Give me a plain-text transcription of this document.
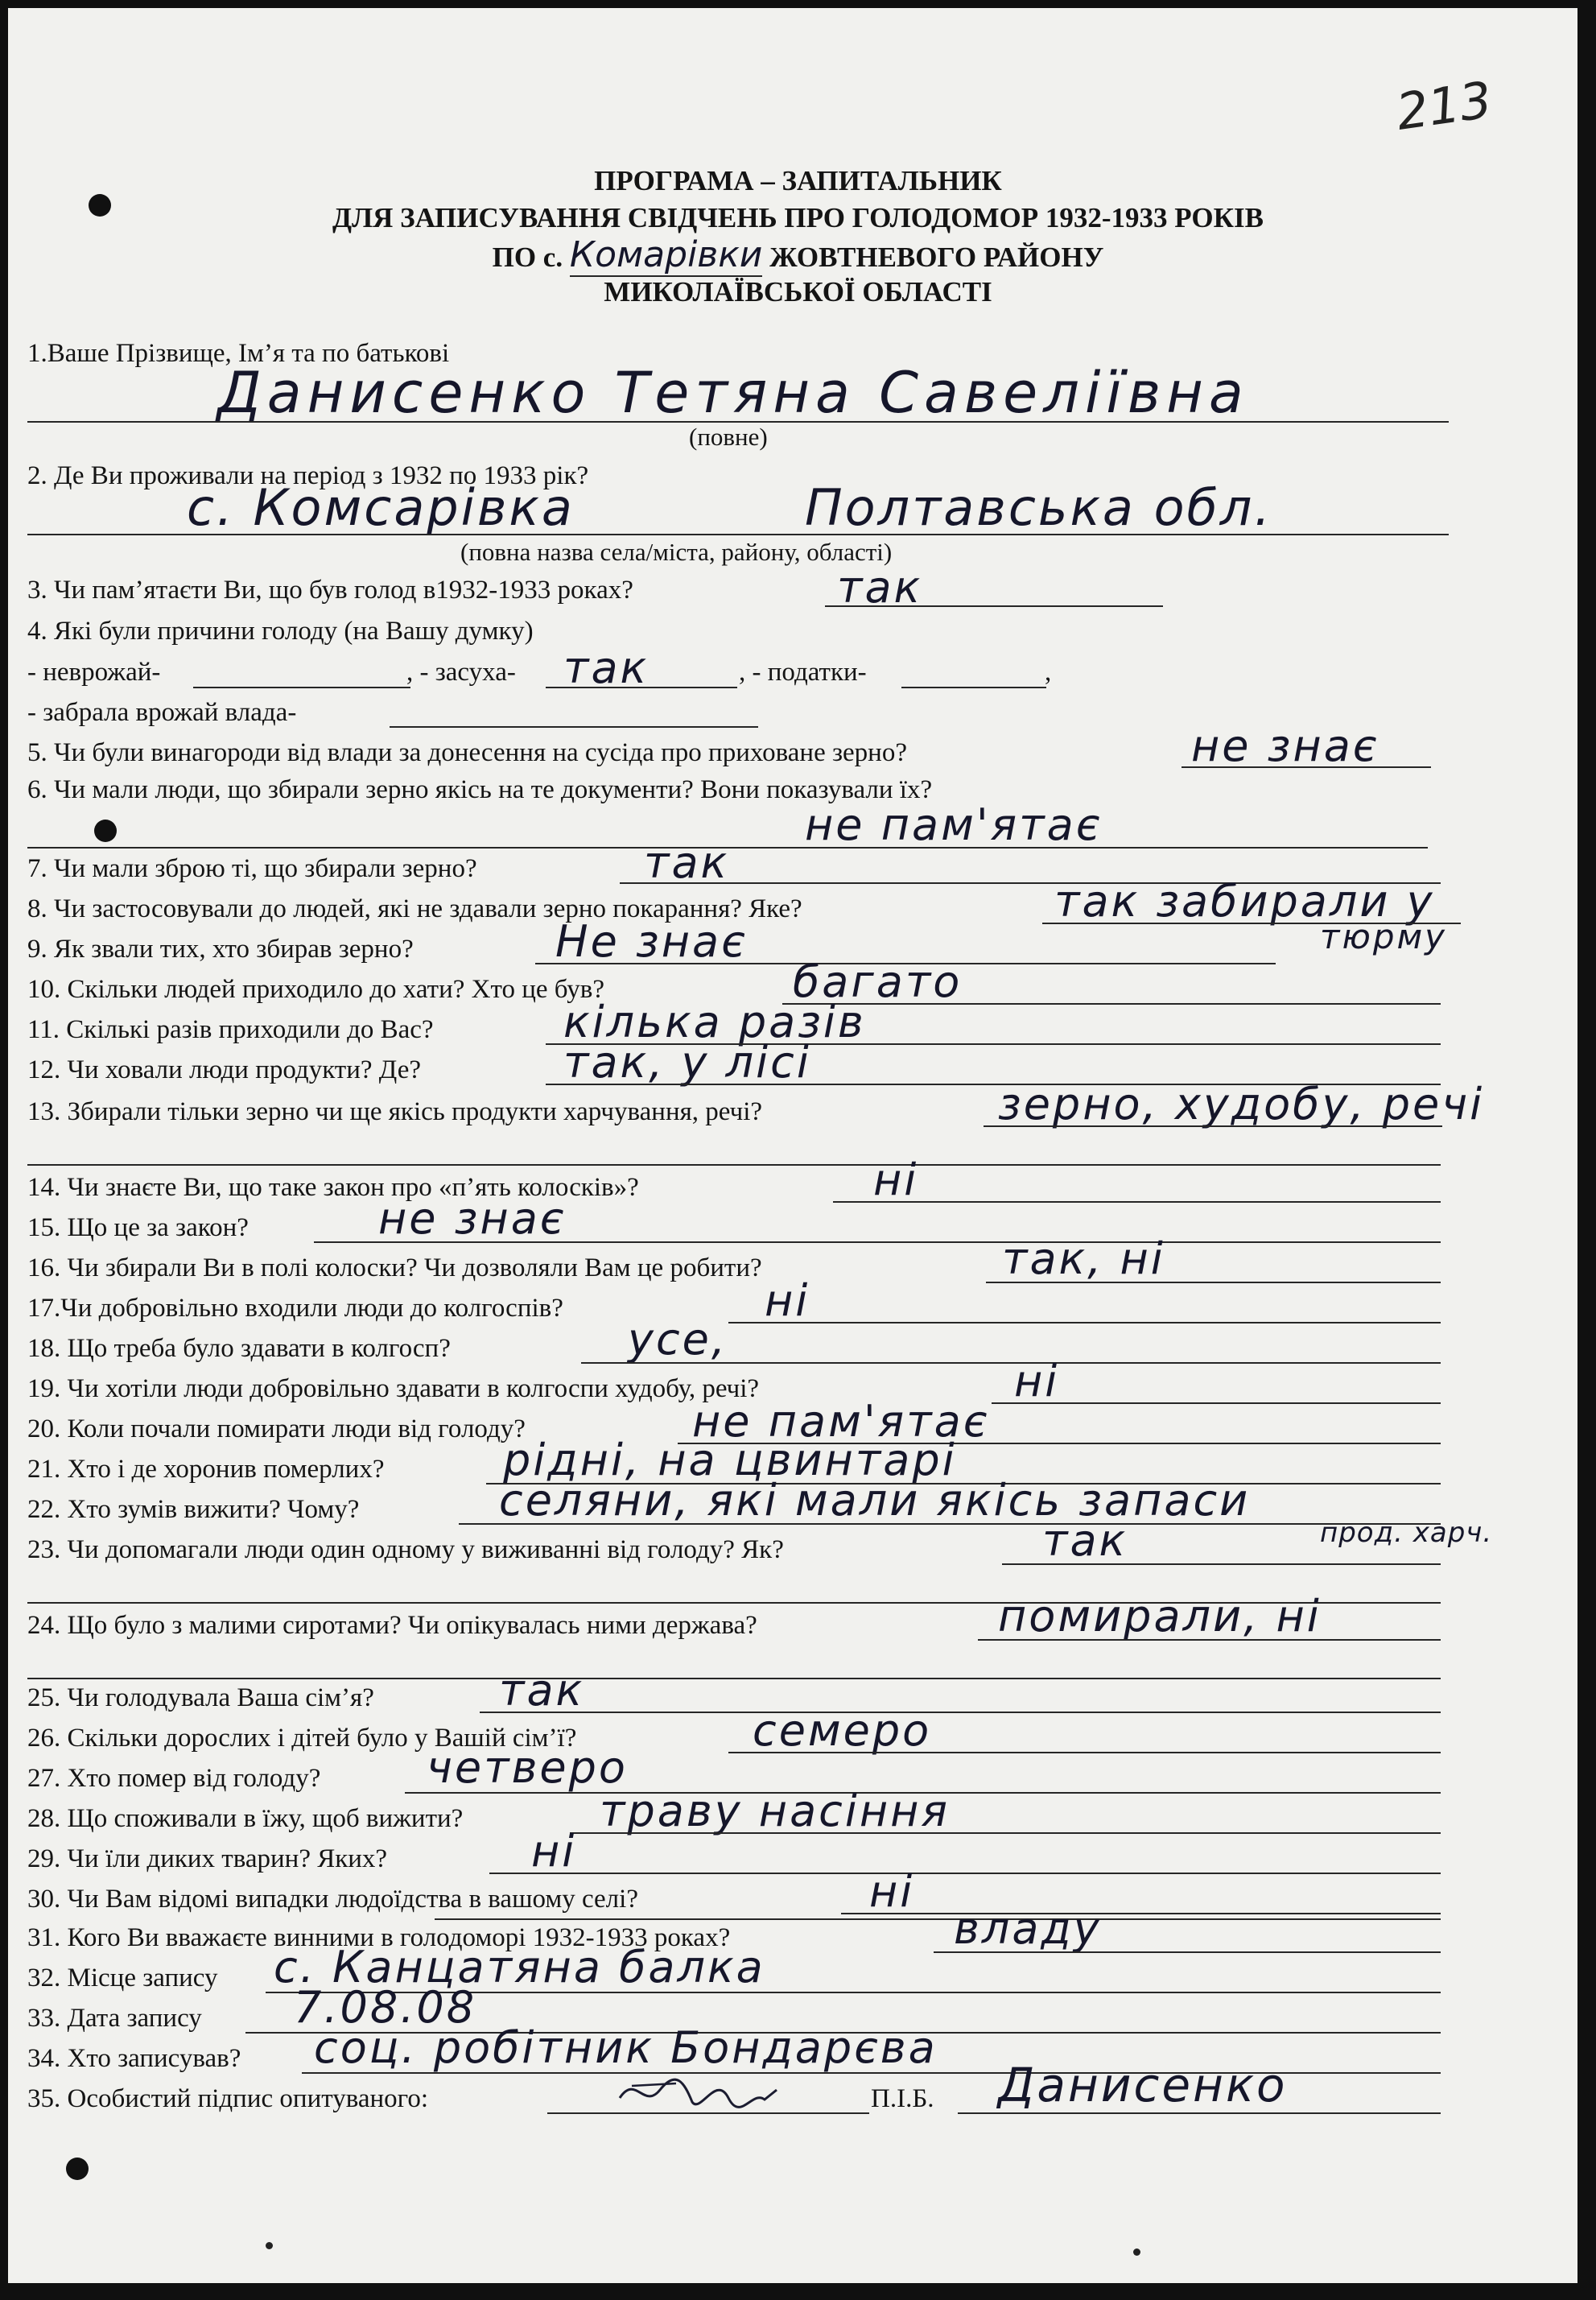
213
ПРОГРАМА – ЗАПИТАЛЬНИК
ДЛЯ ЗАПИСУВАННЯ СВІДЧЕНЬ ПРО ГОЛОДОМОР 1932-1933 РОКІВ
ПО с. Комарівки ЖОВТНЕВОГО РАЙОНУ
МИКОЛАЇВСЬКОЇ ОБЛАСТІ
1.Ваше Прізвище, Ім’я та по батькові
Данисенко Тетяна Савеліївна
(повне)
2. Де Ви проживали на період з 1932 по 1933 рік?
с. Комсарівка	Полтавська обл.
(повна назва села/міста, району, області)
3. Чи пам’ятаєти Ви, що був голод в1932-1933 роках?	так
4. Які були причини голоду (на Вашу думку)
- неврожай-	, - засуха- так	, - податки-	,
- забрала врожай влада-
5. Чи були винагороди від влади за донесення на сусіда про приховане зерно?	не знає
6. Чи мали люди, що збирали зерно якісь на те документи? Вони показували їх?
не пам'ятає
7. Чи мали зброю ті, що збирали зерно?	так
8. Чи застосовували до людей, які не здавали зерно покарання? Яке?	так забирали у
тюрму
9. Як звали тих, хто збирав зерно?	Не знає
10. Скільки людей приходило до хати? Хто це був?	багато
11. Скількі разів приходили до Вас?	кілька разів
12. Чи ховали люди продукти? Де?	так, у лісі
13. Збирали тільки зерно чи ще якісь продукти харчування, речі?	зерно, худобу, речі
14. Чи знаєте Ви, що таке закон про «п’ять колосків»?	ні
15. Що це за закон?	не знає
16. Чи збирали Ви в полі колоски? Чи дозволяли Вам це робити?	так, ні
17.Чи добровільно входили люди до колгоспів?	ні
18. Що треба було здавати в колгосп?	усе,
19. Чи хотіли люди добровільно здавати в колгоспи худобу, речі?	ні
20. Коли почали помирати люди від голоду?	не пам'ятає
21. Хто і де хоронив померлих?	рідні, на цвинтарі
22. Хто зумів вижити? Чому?	селяни, які мали якісь запаси
23. Чи допомагали люди один одному у виживанні від голоду? Як?	так	прод. харч.
24. Що було з малими сиротами? Чи опікувалась ними держава?	помирали, ні
25. Чи голодувала Ваша сім’я?	так
26. Скільки дорослих і дітей було у Вашій сім’ї?	семеро
27. Хто помер від голоду? четверо
28. Що споживали в їжу, щоб вижити?	траву насіння
29. Чи їли диких тварин? Яких?	ні
30. Чи Вам відомі випадки людоїдства в вашому селі?	ні
31. Кого Ви вважаєте винними в голодоморі 1932-1933 роках?	владу
32. Місце запису с. Канцатяна балка
33. Дата запису 7.08.08
34. Хто записував? соц. робітник Бондарєва
35. Особистий підпис опитуваного:	П.І.Б. Данисенко
